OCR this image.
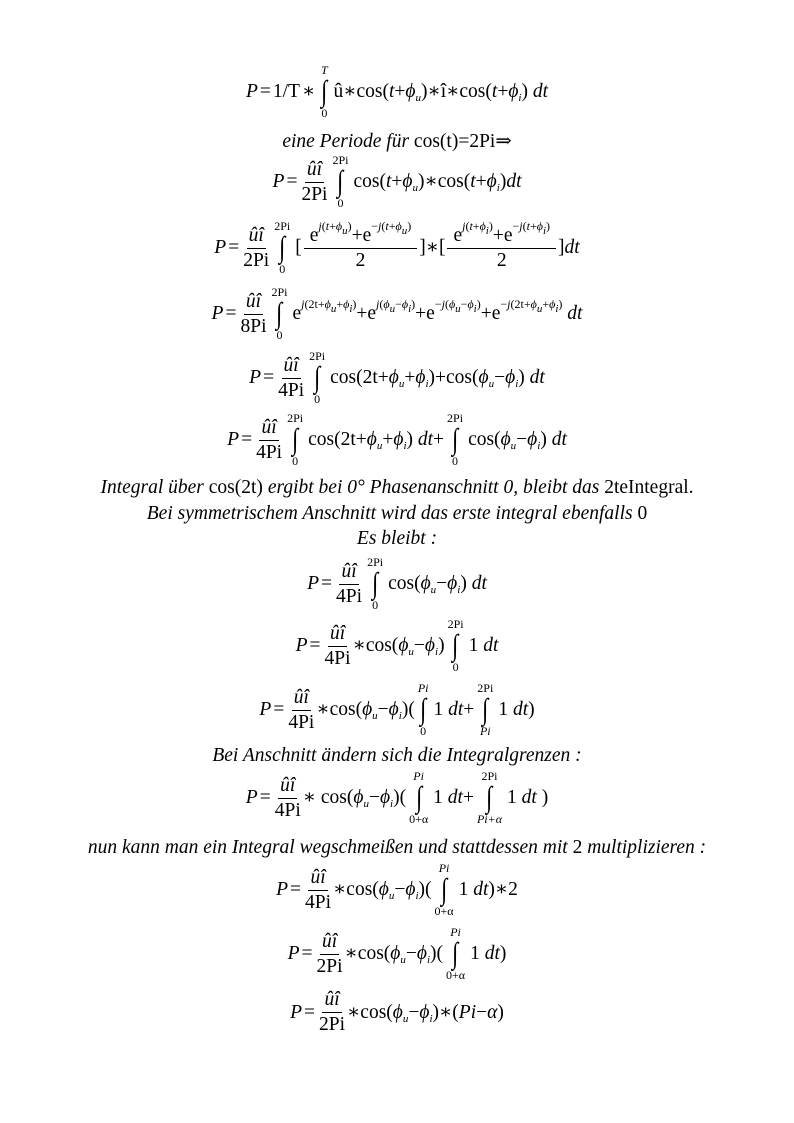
P = 1/T ∗
T
∫
0
$û∗\cos(t+\phi_u)∗î∗\cos(t+\phi_i)$ dt
eine Periode für cos(t)=2Pi⇒
$P = \frac{ûî}{2Pi} 2Pi$
∫
0
$\cos(t+\phi_u)∗\cos(t+\phi_i)dt$
$P = \frac{ûî}{2Pi} 2Pi$
∫
0
[ $\frac{e^{j(t+\phi_u)}+e^{-j(t+\phi_u)}}{2}$ ]∗[ $\frac{e^{j(t+\phi_i)}+e^{-j(t+\phi_i)}}{2} ]dt$
$P = \frac{ûî}{8Pi} 2Pi$
∫
0
$e^{j(2t+\phi_u+\phi_i)}+e^{j(\phi_u-\phi_i)}+e^{-j(\phi_u-\phi_i)}+e^{-j(2t+\phi_u+\phi_i)}$ dt
$P = \frac{ûî}{4Pi} 2Pi$
∫
0
$\cos(2t+\phi_u+\phi_i)+\cos(\phi_u-\phi_i)$ dt
$P = \frac{ûî}{4Pi} 2Pi$
∫
0
$\cos(2t+\phi_u+\phi_i)$ dt+
2Pi
∫
0
$\cos(\phi_u-\phi_i)$ dt
Integral über cos(2t) ergibt bei 0° Phasenanschnitt 0, bleibt das 2teIntegral.
Bei symmetrischem Anschnitt wird das erste integral ebenfalls 0
Es bleibt :
$P = \frac{ûî}{4Pi} 2Pi$
∫
0
$\cos(\phi_u-\phi_i)$ dt
$P = \frac{ûî}{4Pi}$ $∗\cos(\phi_u-\phi_i)$
2Pi
∫
0
1 dt
$P = \frac{ûî}{4Pi}$ $∗\cos(\phi_u-\phi_i)$(
Pi
∫
0
1 dt+
2Pi
∫
Pi
1 dt)
Bei Anschnitt ändern sich die Integralgrenzen :
$P = \frac{ûî}{4Pi}$ ∗ $\cos(\phi_u-\phi_i)$(
Pi
∫
0+α
1 dt+
2Pi
∫
Pi+α
1 dt )
nun kann man ein Integral wegschmeißen und stattdessen mit 2 multiplizieren :
$P = \frac{ûî}{4Pi}$ $∗\cos(\phi_u-\phi_i)$(
Pi
∫
0+α
1 dt)∗2
$P = \frac{ûî}{2Pi}$ $∗\cos(\phi_u-\phi_i)$(
Pi
∫
0+α
1 dt)
$P = \frac{ûî}{2Pi}$ $∗\cos(\phi_u-\phi_i)∗(Pi-\alpha)$
